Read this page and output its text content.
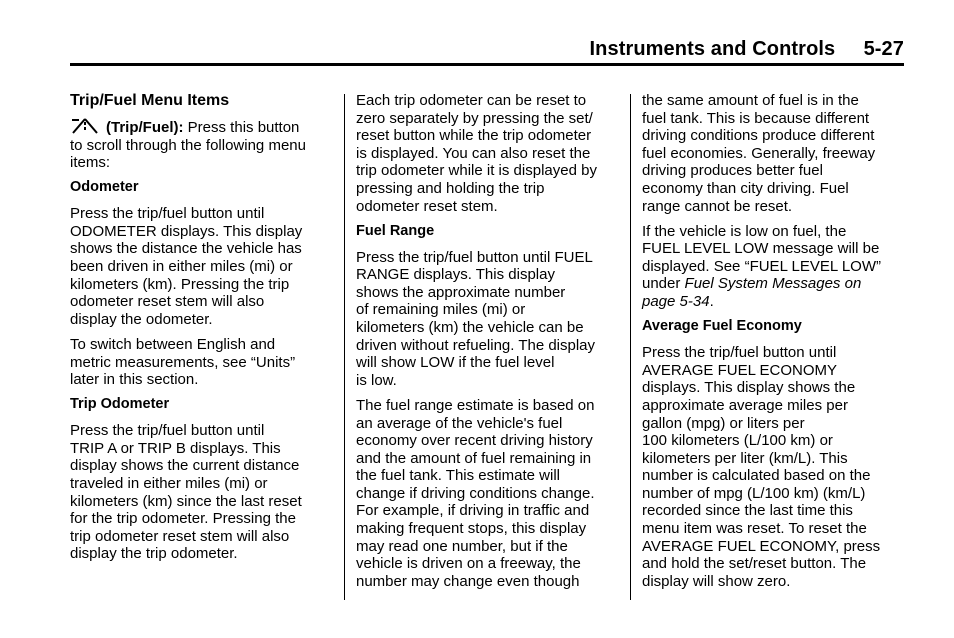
Instruments and Controls 5-27
Trip/Fuel Menu Items

(Trip/Fuel): Press this button
to scroll through the following menu
items:

Odometer

Press the trip/fuel button until
ODOMETER displays. This display
shows the distance the vehicle has
been driven in either miles (mi) or
kilometers (km). Pressing the trip
odometer reset stem will also
display the odometer.

To switch between English and
metric measurements, see “Units”
later in this section.

Trip Odometer

Press the trip/fuel button until
TRIP A or TRIP B displays. This
display shows the current distance
traveled in either miles (mi) or
kilometers (km) since the last reset
for the trip odometer. Pressing the
trip odometer reset stem will also
display the trip odometer.

Each trip odometer can be reset to
zero separately by pressing the set/
reset button while the trip odometer
is displayed. You can also reset the
trip odometer while it is displayed by
pressing and holding the trip
odometer reset stem.

Fuel Range

Press the trip/fuel button until FUEL
RANGE displays. This display
shows the approximate number
of remaining miles (mi) or
kilometers (km) the vehicle can be
driven without refueling. The display
will show LOW if the fuel level
is low.

The fuel range estimate is based on
an average of the vehicle's fuel
economy over recent driving history
and the amount of fuel remaining in
the fuel tank. This estimate will
change if driving conditions change.
For example, if driving in traffic and
making frequent stops, this display
may read one number, but if the
vehicle is driven on a freeway, the
number may change even though

the same amount of fuel is in the
fuel tank. This is because different
driving conditions produce different
fuel economies. Generally, freeway
driving produces better fuel
economy than city driving. Fuel
range cannot be reset.

If the vehicle is low on fuel, the
FUEL LEVEL LOW message will be
displayed. See “FUEL LEVEL LOW”
under Fuel System Messages on
page 5-34.

Average Fuel Economy

Press the trip/fuel button until
AVERAGE FUEL ECONOMY
displays. This display shows the
approximate average miles per
gallon (mpg) or liters per
100 kilometers (L/100 km) or
kilometers per liter (km/L). This
number is calculated based on the
number of mpg (L/100 km) (km/L)
recorded since the last time this
menu item was reset. To reset the
AVERAGE FUEL ECONOMY, press
and hold the set/reset button. The
display will show zero.
